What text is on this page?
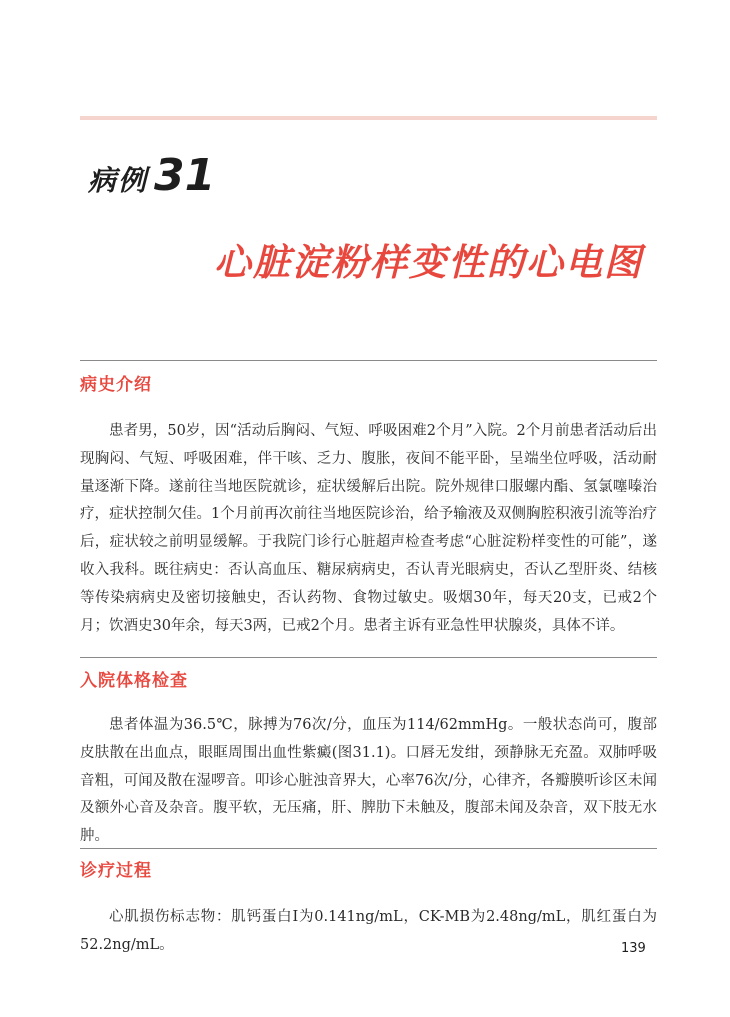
病例 31
心脏淀粉样变性的心电图
病史介绍

患者男，50岁，因“活动后胸闷、气短、呼吸困难2个月”入院。2个月前患者活动后出现胸闷、气短、呼吸困难，伴干咳、乏力、腹胀，夜间不能平卧，呈端坐位呼吸，活动耐量逐渐下降。遂前往当地医院就诊，症状缓解后出院。院外规律口服螺内酯、氢氯噻嗪治疗，症状控制欠佳。1个月前再次前往当地医院诊治，给予输液及双侧胸腔积液引流等治疗后，症状较之前明显缓解。于我院门诊行心脏超声检查考虑“心脏淀粉样变性的可能”，遂收入我科。既往病史：否认高血压、糖尿病病史，否认青光眼病史，否认乙型肝炎、结核等传染病病史及密切接触史，否认药物、食物过敏史。吸烟30年，每天20支，已戒2个月；饮酒史30年余，每天3两，已戒2个月。患者主诉有亚急性甲状腺炎，具体不详。

入院体格检查

患者体温为36.5℃，脉搏为76次/分，血压为114/62mmHg。一般状态尚可，腹部皮肤散在出血点，眼眶周围出血性紫癜(图31.1)。口唇无发绀，颈静脉无充盈。双肺呼吸音粗，可闻及散在湿啰音。叩诊心脏浊音界大，心率76次/分，心律齐，各瓣膜听诊区未闻及额外心音及杂音。腹平软，无压痛，肝、脾肋下未触及，腹部未闻及杂音，双下肢无水肿。

诊疗过程

心肌损伤标志物：肌钙蛋白I为0.141ng/mL，CK-MB为2.48ng/mL，肌红蛋白为52.2ng/mL。	139
